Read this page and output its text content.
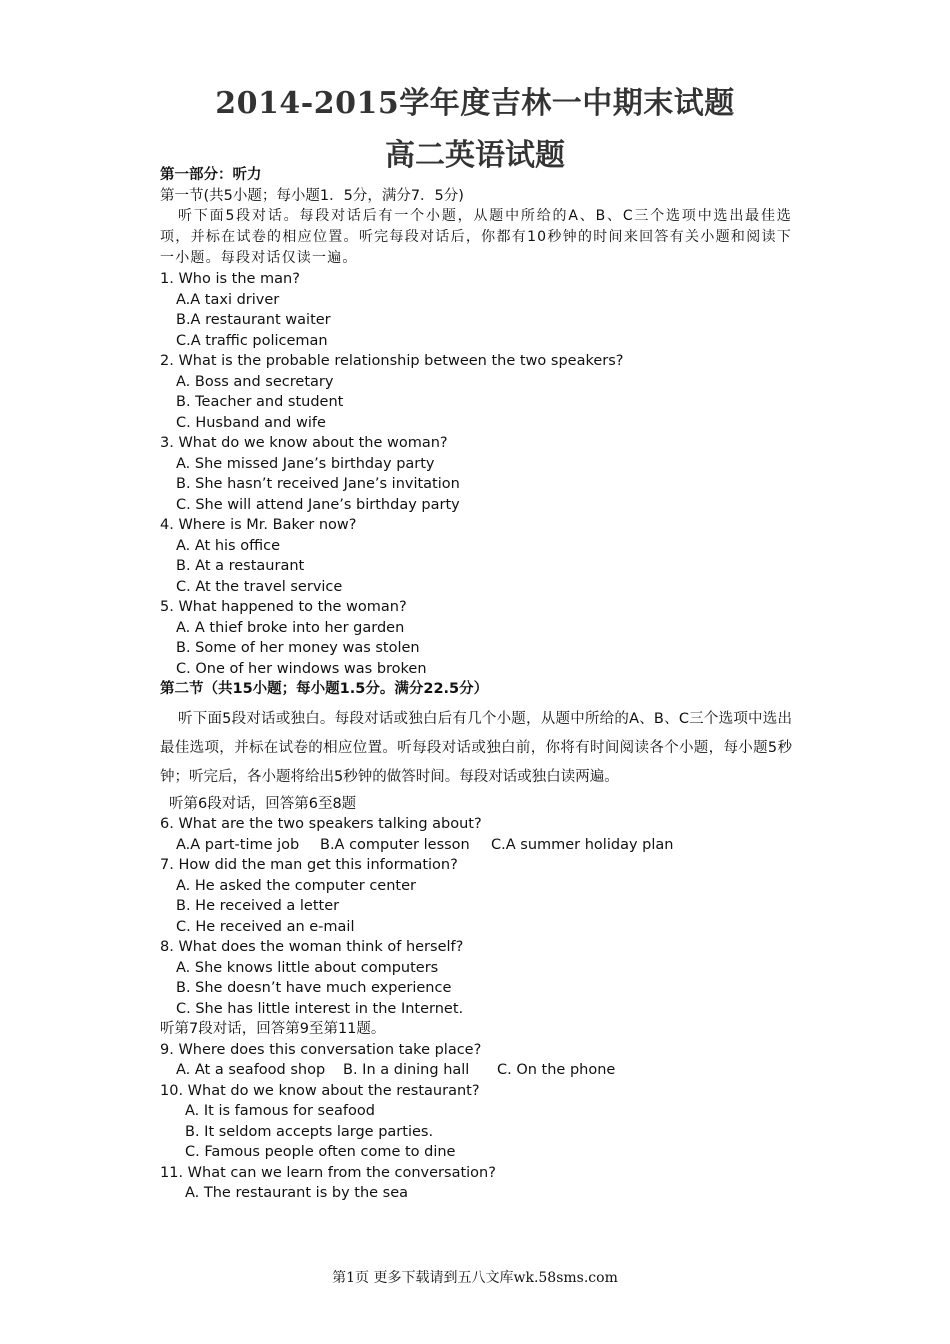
2014-2015学年度吉林一中期末试题
高二英语试题
第一部分：听力
第一节(共5小题；每小题1．5分，满分7．5分)

听下面5段对话。每段对话后有一个小题，从题中所给的A、B、C三个选项中选出最佳选项，并标在试卷的相应位置。听完每段对话后，你都有10秒钟的时间来回答有关小题和阅读下一小题。每段对话仅读一遍。

1. Who is the man?
A.A taxi driver
B.A restaurant waiter
C.A traffic policeman
2. What is the probable relationship between the two speakers?
A. Boss and secretary
B. Teacher and student
C. Husband and wife
3. What do we know about the woman?
A. She missed Jane’s birthday party
B. She hasn’t received Jane’s invitation
C. She will attend Jane’s birthday party
4. Where is Mr. Baker now?
A. At his office
B. At a restaurant
C. At the travel service
5. What happened to the woman?
A. A thief broke into her garden
B. Some of her money was stolen
C. One of her windows was broken
第二节（共15小题；每小题1.5分。满分22.5分）

听下面5段对话或独白。每段对话或独白后有几个小题，从题中所给的A、B、C三个选项中选出最佳选项，并标在试卷的相应位置。听每段对话或独白前，你将有时间阅读各个小题，每小题5秒钟；听完后，各小题将给出5秒钟的做答时间。每段对话或独白读两遍。

听第6段对话，回答第6至8题
6. What are the two speakers talking about?
A.A part-time job B.A computer lesson C.A summer holiday plan
7. How did the man get this information?
A. He asked the computer center
B. He received a letter
C. He received an e-mail
8. What does the woman think of herself?
A. She knows little about computers
B. She doesn’t have much experience
C. She has little interest in the Internet.
听第7段对话，回答第9至第11题。
9. Where does this conversation take place?
A. At a seafood shop B. In a dining hall C. On the phone
10. What do we know about the restaurant?
A. It is famous for seafood
B. It seldom accepts large parties.
C. Famous people often come to dine
11. What can we learn from the conversation?
A. The restaurant is by the sea
第1页 更多下载请到五八文库wk.58sms.com
